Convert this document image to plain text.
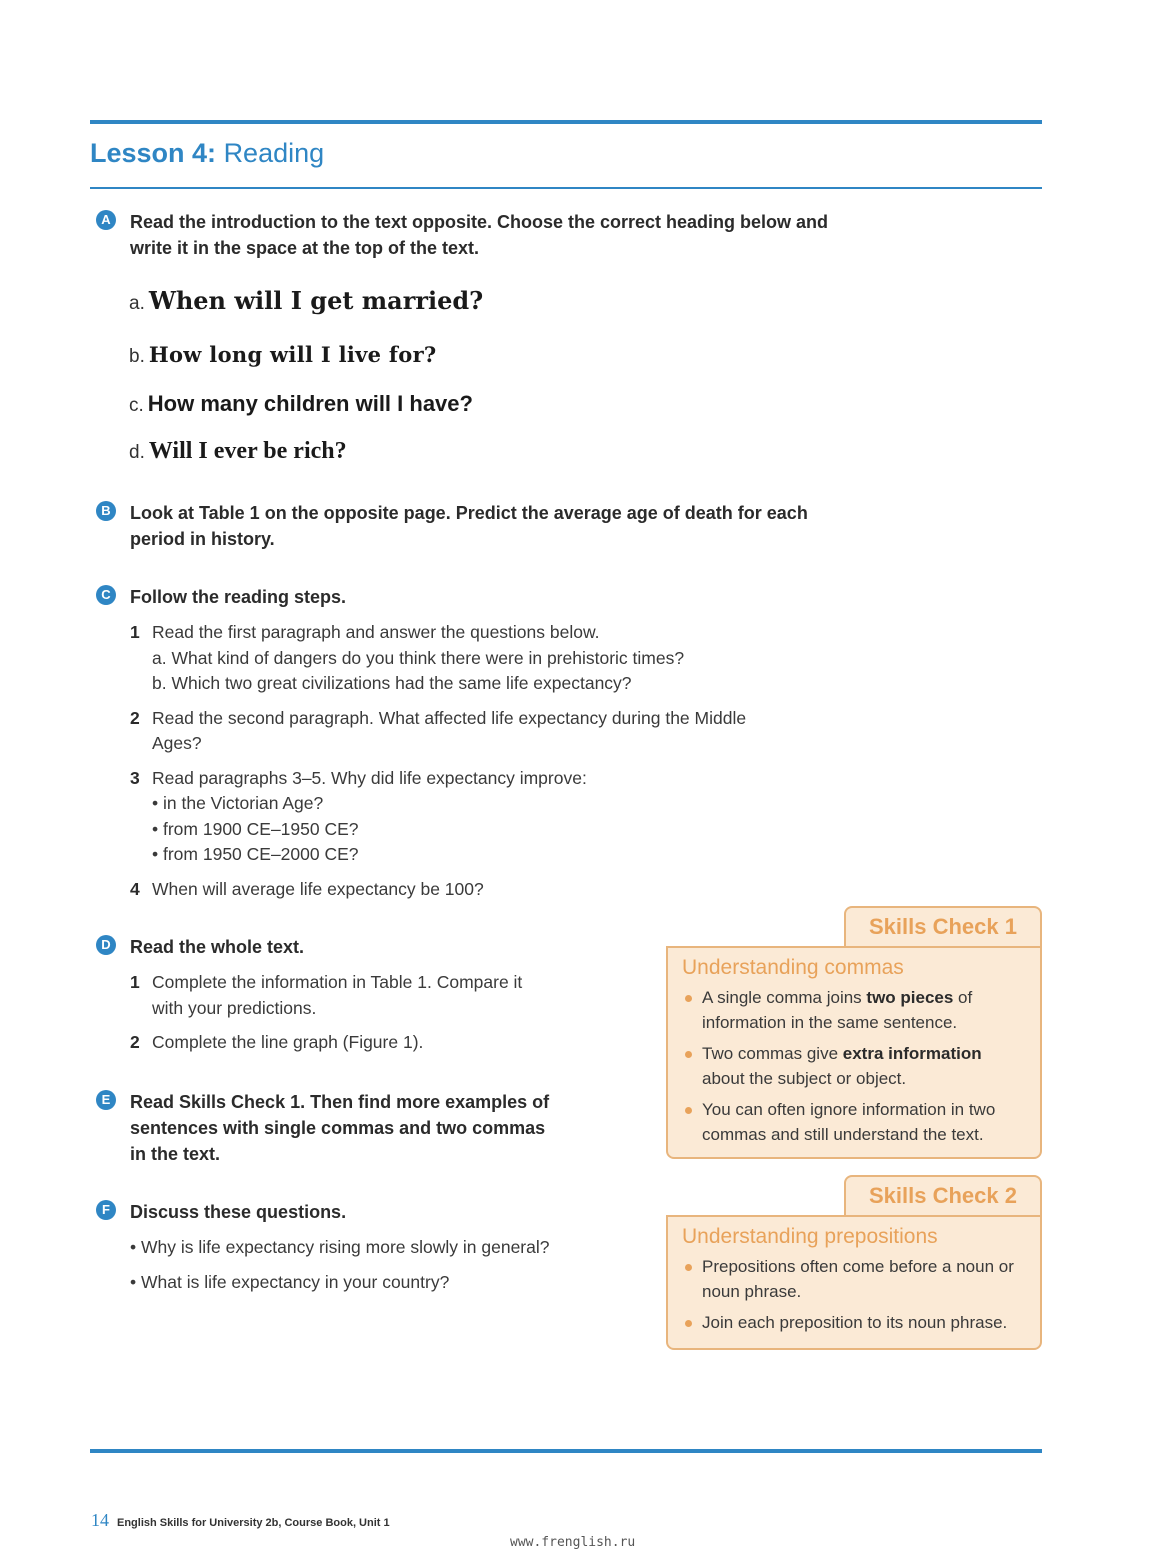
Lesson 4: Reading
A Read the introduction to the text opposite. Choose the correct heading below and write it in the space at the top of the text.
a. When will I get married?
b. How long will I live for?
c. How many children will I have?
d. Will I ever be rich?
B Look at Table 1 on the opposite page. Predict the average age of death for each period in history.
C Follow the reading steps.
1 Read the first paragraph and answer the questions below.
a. What kind of dangers do you think there were in prehistoric times?
b. Which two great civilizations had the same life expectancy?
2 Read the second paragraph. What affected life expectancy during the Middle Ages?
3 Read paragraphs 3–5. Why did life expectancy improve:
• in the Victorian Age?
• from 1900 CE–1950 CE?
• from 1950 CE–2000 CE?
4 When will average life expectancy be 100?
D Read the whole text.
1 Complete the information in Table 1. Compare it with your predictions.
2 Complete the line graph (Figure 1).
E	Read Skills Check 1. Then find more examples of sentences with single commas and two commas in the text.
F	Discuss these questions.
• Why is life expectancy rising more slowly in general?
• What is life expectancy in your country?
Skills Check 1
Understanding commas
A single comma joins two pieces of information in the same sentence.
Two commas give extra information about the subject or object.
You can often ignore information in two commas and still understand the text.
Skills Check 2
Understanding prepositions
Prepositions often come before a noun or noun phrase.
Join each preposition to its noun phrase.
14 English Skills for University 2b, Course Book, Unit 1
www.frenglish.ru
